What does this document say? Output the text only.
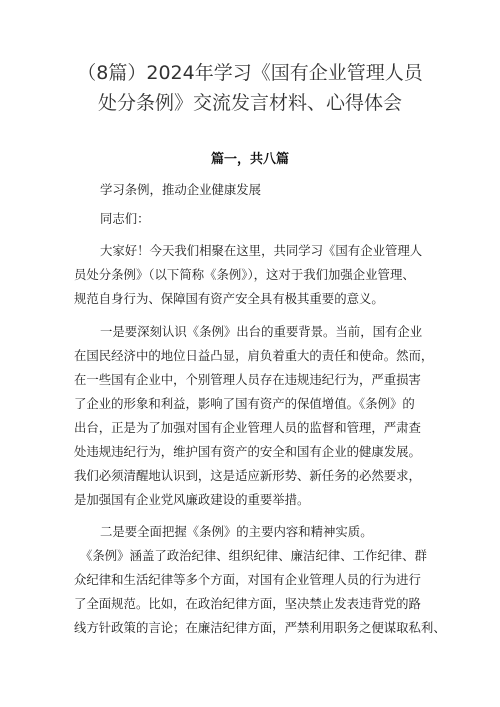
（8篇）2024年学习《国有企业管理人员
处分条例》交流发言材料、心得体会
篇一，共八篇

学习条例，推动企业健康发展

同志们：

大家好！今天我们相聚在这里，共同学习《国有企业管理人

员处分条例》（以下简称《条例》），这对于我们加强企业管理、

规范自身行为、保障国有资产安全具有极其重要的意义。

一是要深刻认识《条例》出台的重要背景。当前，国有企业

在国民经济中的地位日益凸显，肩负着重大的责任和使命。然而，

在一些国有企业中，个别管理人员存在违规违纪行为，严重损害

了企业的形象和利益，影响了国有资产的保值增值。《条例》的

出台，正是为了加强对国有企业管理人员的监督和管理，严肃查

处违规违纪行为，维护国有资产的安全和国有企业的健康发展。

我们必须清醒地认识到，这是适应新形势、新任务的必然要求，

是加强国有企业党风廉政建设的重要举措。

二是要全面把握《条例》的主要内容和精神实质。

《条例》涵盖了政治纪律、组织纪律、廉洁纪律、工作纪律、群

众纪律和生活纪律等多个方面，对国有企业管理人员的行为进行

了全面规范。比如，在政治纪律方面，坚决禁止发表违背党的路

线方针政策的言论；在廉洁纪律方面，严禁利用职务之便谋取私利、
